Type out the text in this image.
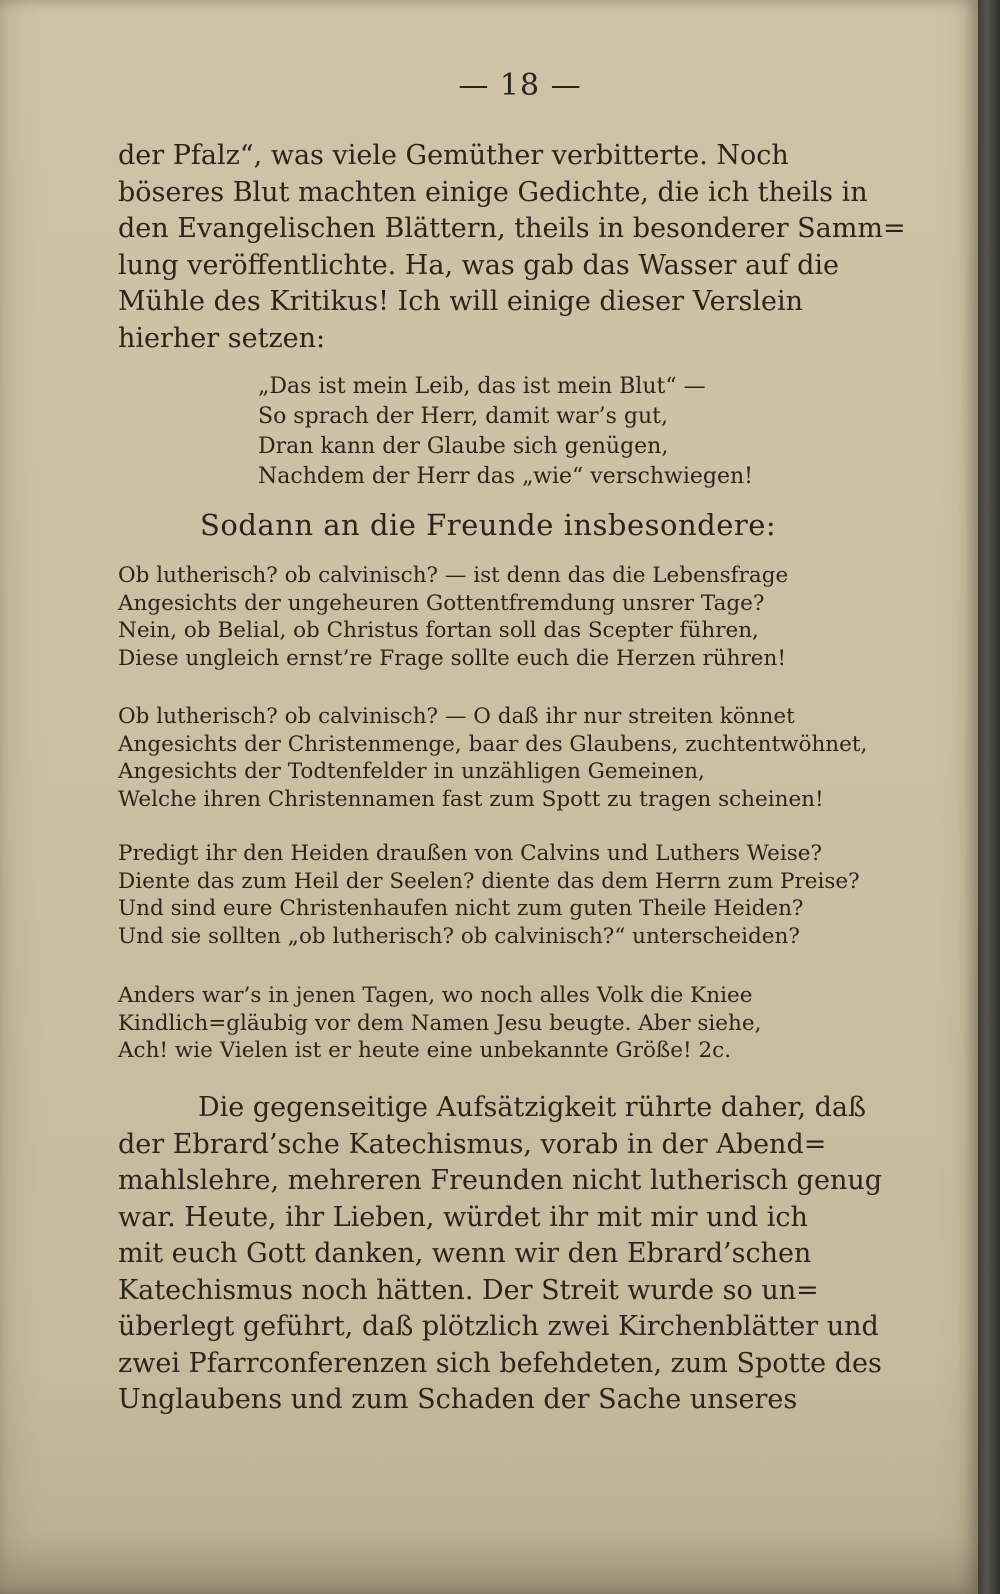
— 18 —
der Pfalz“, was viele Gemüther verbitterte. Noch
böseres Blut machten einige Gedichte, die ich theils in
den Evangelischen Blättern, theils in besonderer Samm=
lung veröffentlichte. Ha, was gab das Wasser auf die
Mühle des Kritikus! Ich will einige dieser Verslein
hierher setzen:
„Das ist mein Leib, das ist mein Blut“ —
So sprach der Herr, damit war’s gut,
Dran kann der Glaube sich genügen,
Nachdem der Herr das „wie“ verschwiegen!
Sodann an die Freunde insbesondere:
Ob lutherisch? ob calvinisch? — ist denn das die Lebensfrage
Angesichts der ungeheuren Gottentfremdung unsrer Tage?
Nein, ob Belial, ob Christus fortan soll das Scepter führen,
Diese ungleich ernst’re Frage sollte euch die Herzen rühren!
Ob lutherisch? ob calvinisch? — O daß ihr nur streiten könnet
Angesichts der Christenmenge, baar des Glaubens, zuchtentwöhnet,
Angesichts der Todtenfelder in unzähligen Gemeinen,
Welche ihren Christennamen fast zum Spott zu tragen scheinen!
Predigt ihr den Heiden draußen von Calvins und Luthers Weise?
Diente das zum Heil der Seelen? diente das dem Herrn zum Preise?
Und sind eure Christenhaufen nicht zum guten Theile Heiden?
Und sie sollten „ob lutherisch? ob calvinisch?“ unterscheiden?
Anders war’s in jenen Tagen, wo noch alles Volk die Kniee
Kindlich=gläubig vor dem Namen Jesu beugte. Aber siehe,
Ach! wie Vielen ist er heute eine unbekannte Größe! 2c.
Die gegenseitige Aufsätzigkeit rührte daher, daß
der Ebrard’sche Katechismus, vorab in der Abend=
mahlslehre, mehreren Freunden nicht lutherisch genug
war. Heute, ihr Lieben, würdet ihr mit mir und ich
mit euch Gott danken, wenn wir den Ebrard’schen
Katechismus noch hätten. Der Streit wurde so un=
überlegt geführt, daß plötzlich zwei Kirchenblätter und
zwei Pfarrconferenzen sich befehdeten, zum Spotte des
Unglaubens und zum Schaden der Sache unseres
